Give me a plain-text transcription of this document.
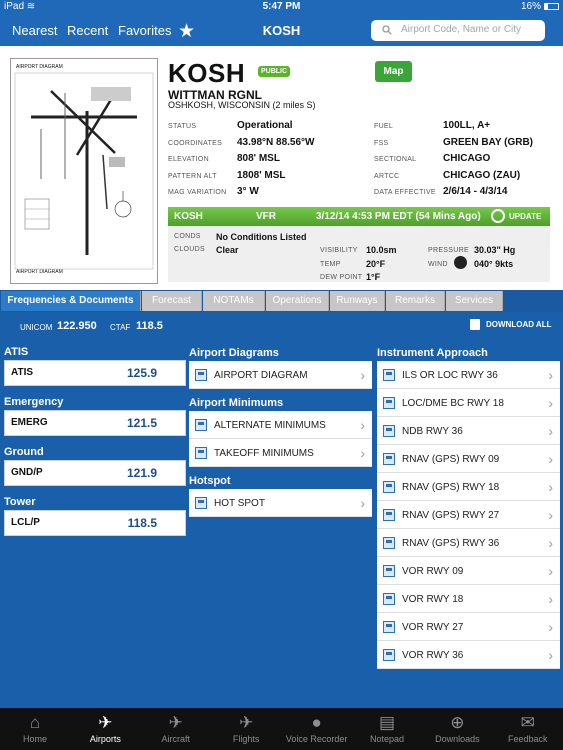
iPad ≋	5:47 PM	16%
Nearest Recent Favorites ★	KOSH	Airport Code, Name or City
AIRPORT DIAGRAM
AIRPORT DIAGRAM
KOSH	PUBLIC	Map
WITTMAN RGNL
OSHKOSH, WISCONSIN (2 miles S)
STATUS	Operational
COORDINATES 43.98°N 88.56°W
ELEVATION	808' MSL
PATTERN ALT 1808' MSL
MAG VARIATION 3° W
FUEL	100LL, A+
FSS	GREEN BAY (GRB)
SECTIONAL	CHICAGO
ARTCC	CHICAGO (ZAU)
DATA EFFECTIVE 2/6/14 - 4/3/14
KOSH	VFR	3/12/14 4:53 PM EDT (54 Mins Ago)	UPDATE
CONDS No Conditions Listed
CLOUDS Clear	VISIBILITY 10.0sm
TEMP	20°F
DEW POINT 1°F
PRESSURE 30.03" Hg
WIND	040° 9kts
Frequencies & Documents	Forecast	NOTAMs	Operations	Runways	Remarks	Services
UNICOM 122.950 CTAF 118.5	DOWNLOAD ALL
ATIS
ATIS	125.9
Emergency
EMERG	121.5
Ground
GND/P	121.9
Tower
LCL/P	118.5
Airport Diagrams
AIRPORT DIAGRAM	›
Airport Minimums
ALTERNATE MINIMUMS ›
TAKEOFF MINIMUMS	›
Hotspot
HOT SPOT	›
Instrument Approach
ILS OR LOC RWY 36	›
LOC/DME BC RWY 18	›
NDB RWY 36	›
RNAV (GPS) RWY 09	›
RNAV (GPS) RWY 18	›
RNAV (GPS) RWY 27	›
RNAV (GPS) RWY 36	›
VOR RWY 09	›
VOR RWY 18	›
VOR RWY 27	›
VOR RWY 36	›
⌂
Home
✈
Airports
✈
Aircraft
✈
Flights
●
Voice Recorder
▤
Notepad
⊕
Downloads
✉
Feedback
